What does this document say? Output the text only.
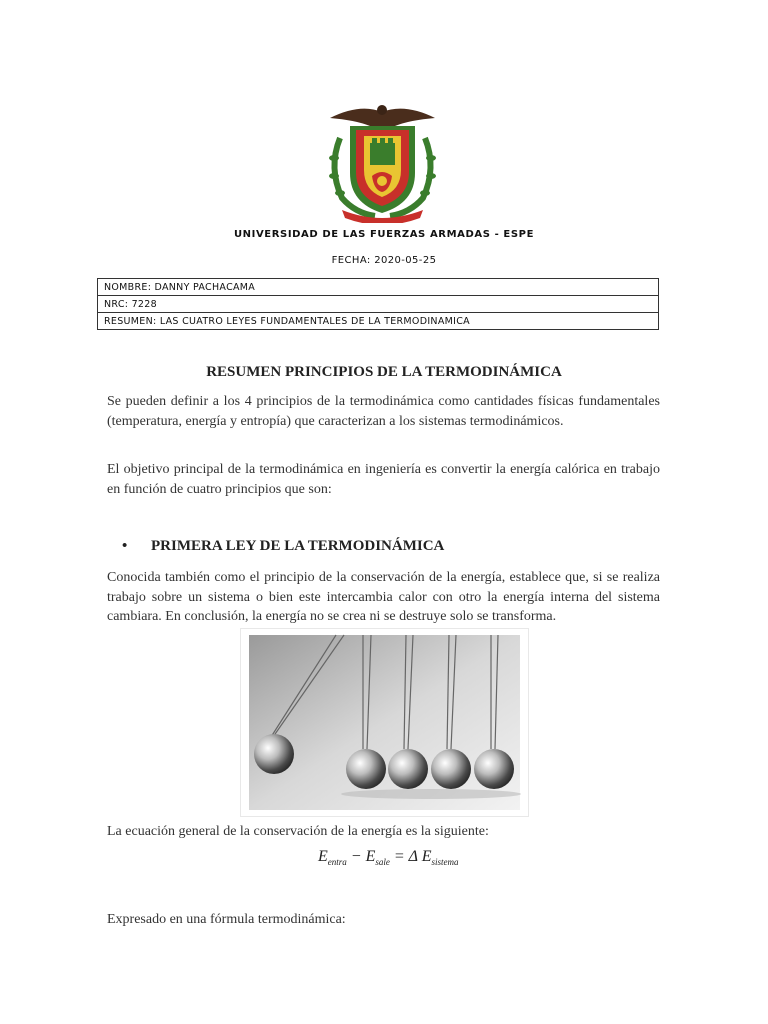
UNIVERSIDAD DE LAS FUERZAS ARMADAS - ESPE
FECHA: 2020-05-25
NOMBRE: DANNY PACHACAMA
NRC: 7228
RESUMEN: LAS CUATRO LEYES FUNDAMENTALES DE LA TERMODINAMICA
RESUMEN PRINCIPIOS DE LA TERMODINÁMICA
Se pueden definir a los 4 principios de la termodinámica como cantidades físicas fundamentales (temperatura, energía y entropía) que caracterizan a los sistemas termodinámicos.
El objetivo principal de la termodinámica en ingeniería es convertir la energía calórica en trabajo en función de cuatro principios que son:
• PRIMERA LEY DE LA TERMODINÁMICA
Conocida también como el principio de la conservación de la energía, establece que, si se realiza trabajo sobre un sistema o bien este intercambia calor con otro la energía interna del sistema cambiara. En conclusión, la energía no se crea ni se destruye solo se transforma.
La ecuación general de la conservación de la energía es la siguiente:
$E_{entra} - E_{sale} = \Delta$ $E_{sistema}$
Expresado en una fórmula termodinámica:
